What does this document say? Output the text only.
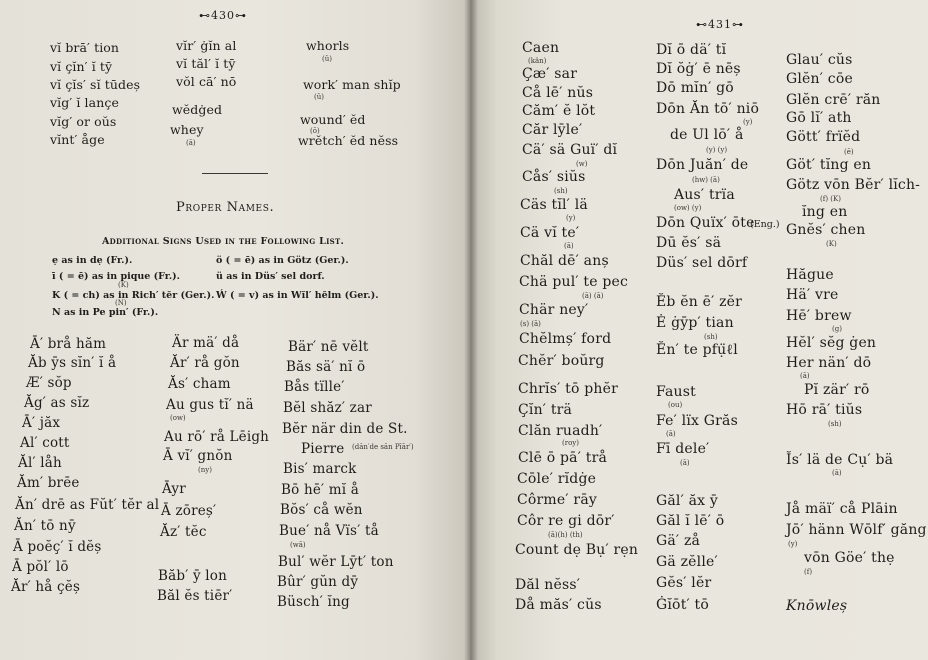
⊷430⊶
vĭ brā′ tion
vĭ çĭn′ ĭ tȳ
vĭ çĭs′ sĭ tūdeș
vĭg′ ĭ lançe
vĭg′ or oŭs
vĭnt′ åge
vĭr′ ġĭn al
vĭ tăl′ ĭ tȳ
vŏl cā′ nō
wĕdġed
whey
(ā)
whorls
(û)
work′ man shĭp
(û)
wound′ ĕd
(ō)
wrĕtch′ ĕd nĕss
Proper Names.
Additional Signs Used in the Following List.
ẹ as in dẹ (Fr.).
ī ( = ē) as in pique (Fr.).
(K)
K ( = ch) as in Rich′ tĕr (Ger.).
(N)
N as in Pe pin′ (Fr.).
ö ( = ē) as in Götz (Ger.).
ü as in Düs′ sel dorf.
Ẃ ( = v) as in Wĭl′ hĕlm (Ger.).
Ā′ brå hăm
Ăb ȳs sĭn′ ĭ å
Æ′ sŏp
Ăg′ as sĭz
Ā′ jăx
Al′ cott
Ăl′ låh
Ăm′ brēe
Ăn′ drē as Fŭt′ tĕr al
Ăn′ tō nȳ
Ā poĕç′ ĭ dĕș
Ā pŏl′ lō
Ăr′ hå çĕș
Är mä′ då
Ăr′ rå gŏn
Ăs′ cham
Au gus tĭ′ nä
(ow)
Au rō′ rå Lēigh
Ā vĭ′ gnŏn
(ny)
Āyr
Ā zōreș′
Ăz′ tĕc
Băb′ ȳ lon
Băl ĕs tiēr′
Bär′ nē vĕlt
Băs sä′ nĭ ō
Bås tïlle′
Bĕl shăz′ zar
Bĕr när din de St.
Pierre (dăn′de săn Pīār′)
Bis′ marck
Bō hē′ mĭ å
Bŏs′ cå wĕn
Bue′ nå Vïs′ tå
(wā)
Bul′ wĕr Lȳt′ ton
Bûr′ gŭn dȳ
Büsch′ ĭng
⊷431⊶
Caen
(kän)
Çæ′ sar
Cå lē′ nŭs
Căm′ ĕ lŏt
Căr lȳle′
Cä′ sä Guï′ dĭ
(w)
Cås′ siŭs
(sh)
Cäs tĭl′ lä
(y)
Cä vĭ te′
(ā)
Chăl dē′ anș
Chä pul′ te pec
(ā) (ā)
Chär ney′
(s) (ā)
Chĕlmș′ ford
Chĕr′ boŭrg
Chrĭs′ tō phĕr
Çĭn′ trä
Clăn ruadh′
(roy)
Clē ō pā′ trå
Cōle′ rĭdġe
Côrme′ rāy
Côr re gi dōr′
(ā)(h) (th)
Count dẹ Bụ′ rẹn
Dăl nĕss′
Då măs′ cŭs
Dĭ ō dä′ tĭ
Dĭ ŏġ′ ē nēș
Dō mĭn′ gō
Dōn Ăn tō′ niō
(y)
de Ul lō′ å
(y) (y)
Dōn Juăn′ de
(hw) (ā)
Aus′ trïa
(ow) (y)
Dōn Quïx′ ōte
(Eng.)
Dū ĕs′ sä
Düs′ sel dōrf
Ĕb ĕn ē′ zĕr
Ė ġȳp′ tian
(sh)
Ĕn′ te pfụ̈ℓl
Faust
(ou)
Fe′ lïx Grăs
(ā)
Fī dele′
(ā)
Găl′ ăx ȳ
Găl ĭ lē′ ō
Gä′ zå
Gä zĕlle′
Gĕs′ lĕr
Ġĭōt′ tō
Glau′ cŭs
Glĕn′ cōe
Glĕn crē′ răn
Gō lĭ′ ath
Gött′ frïĕd
(ē)
Göt′ tĭng en
Götz vōn Bĕr′ lĭch-
(f) (K)
ĭng en
Gnĕs′ chen
(K)
Hăgue
Hä′ vre
Hē′ brew
(g)
Hĕl′ sĕg ġen
Her nän′ dō
(ā)
Pĭ zär′ rō
Hō rā′ tiŭs
(sh)
Ĭs′ lä de Cụ′ bä
(ā)
Jå mäï′ cå Plāin
Jō′ hänn Wōlf′ găng
(y)
vōn Göe′ thẹ
(f)
Knōwleș
